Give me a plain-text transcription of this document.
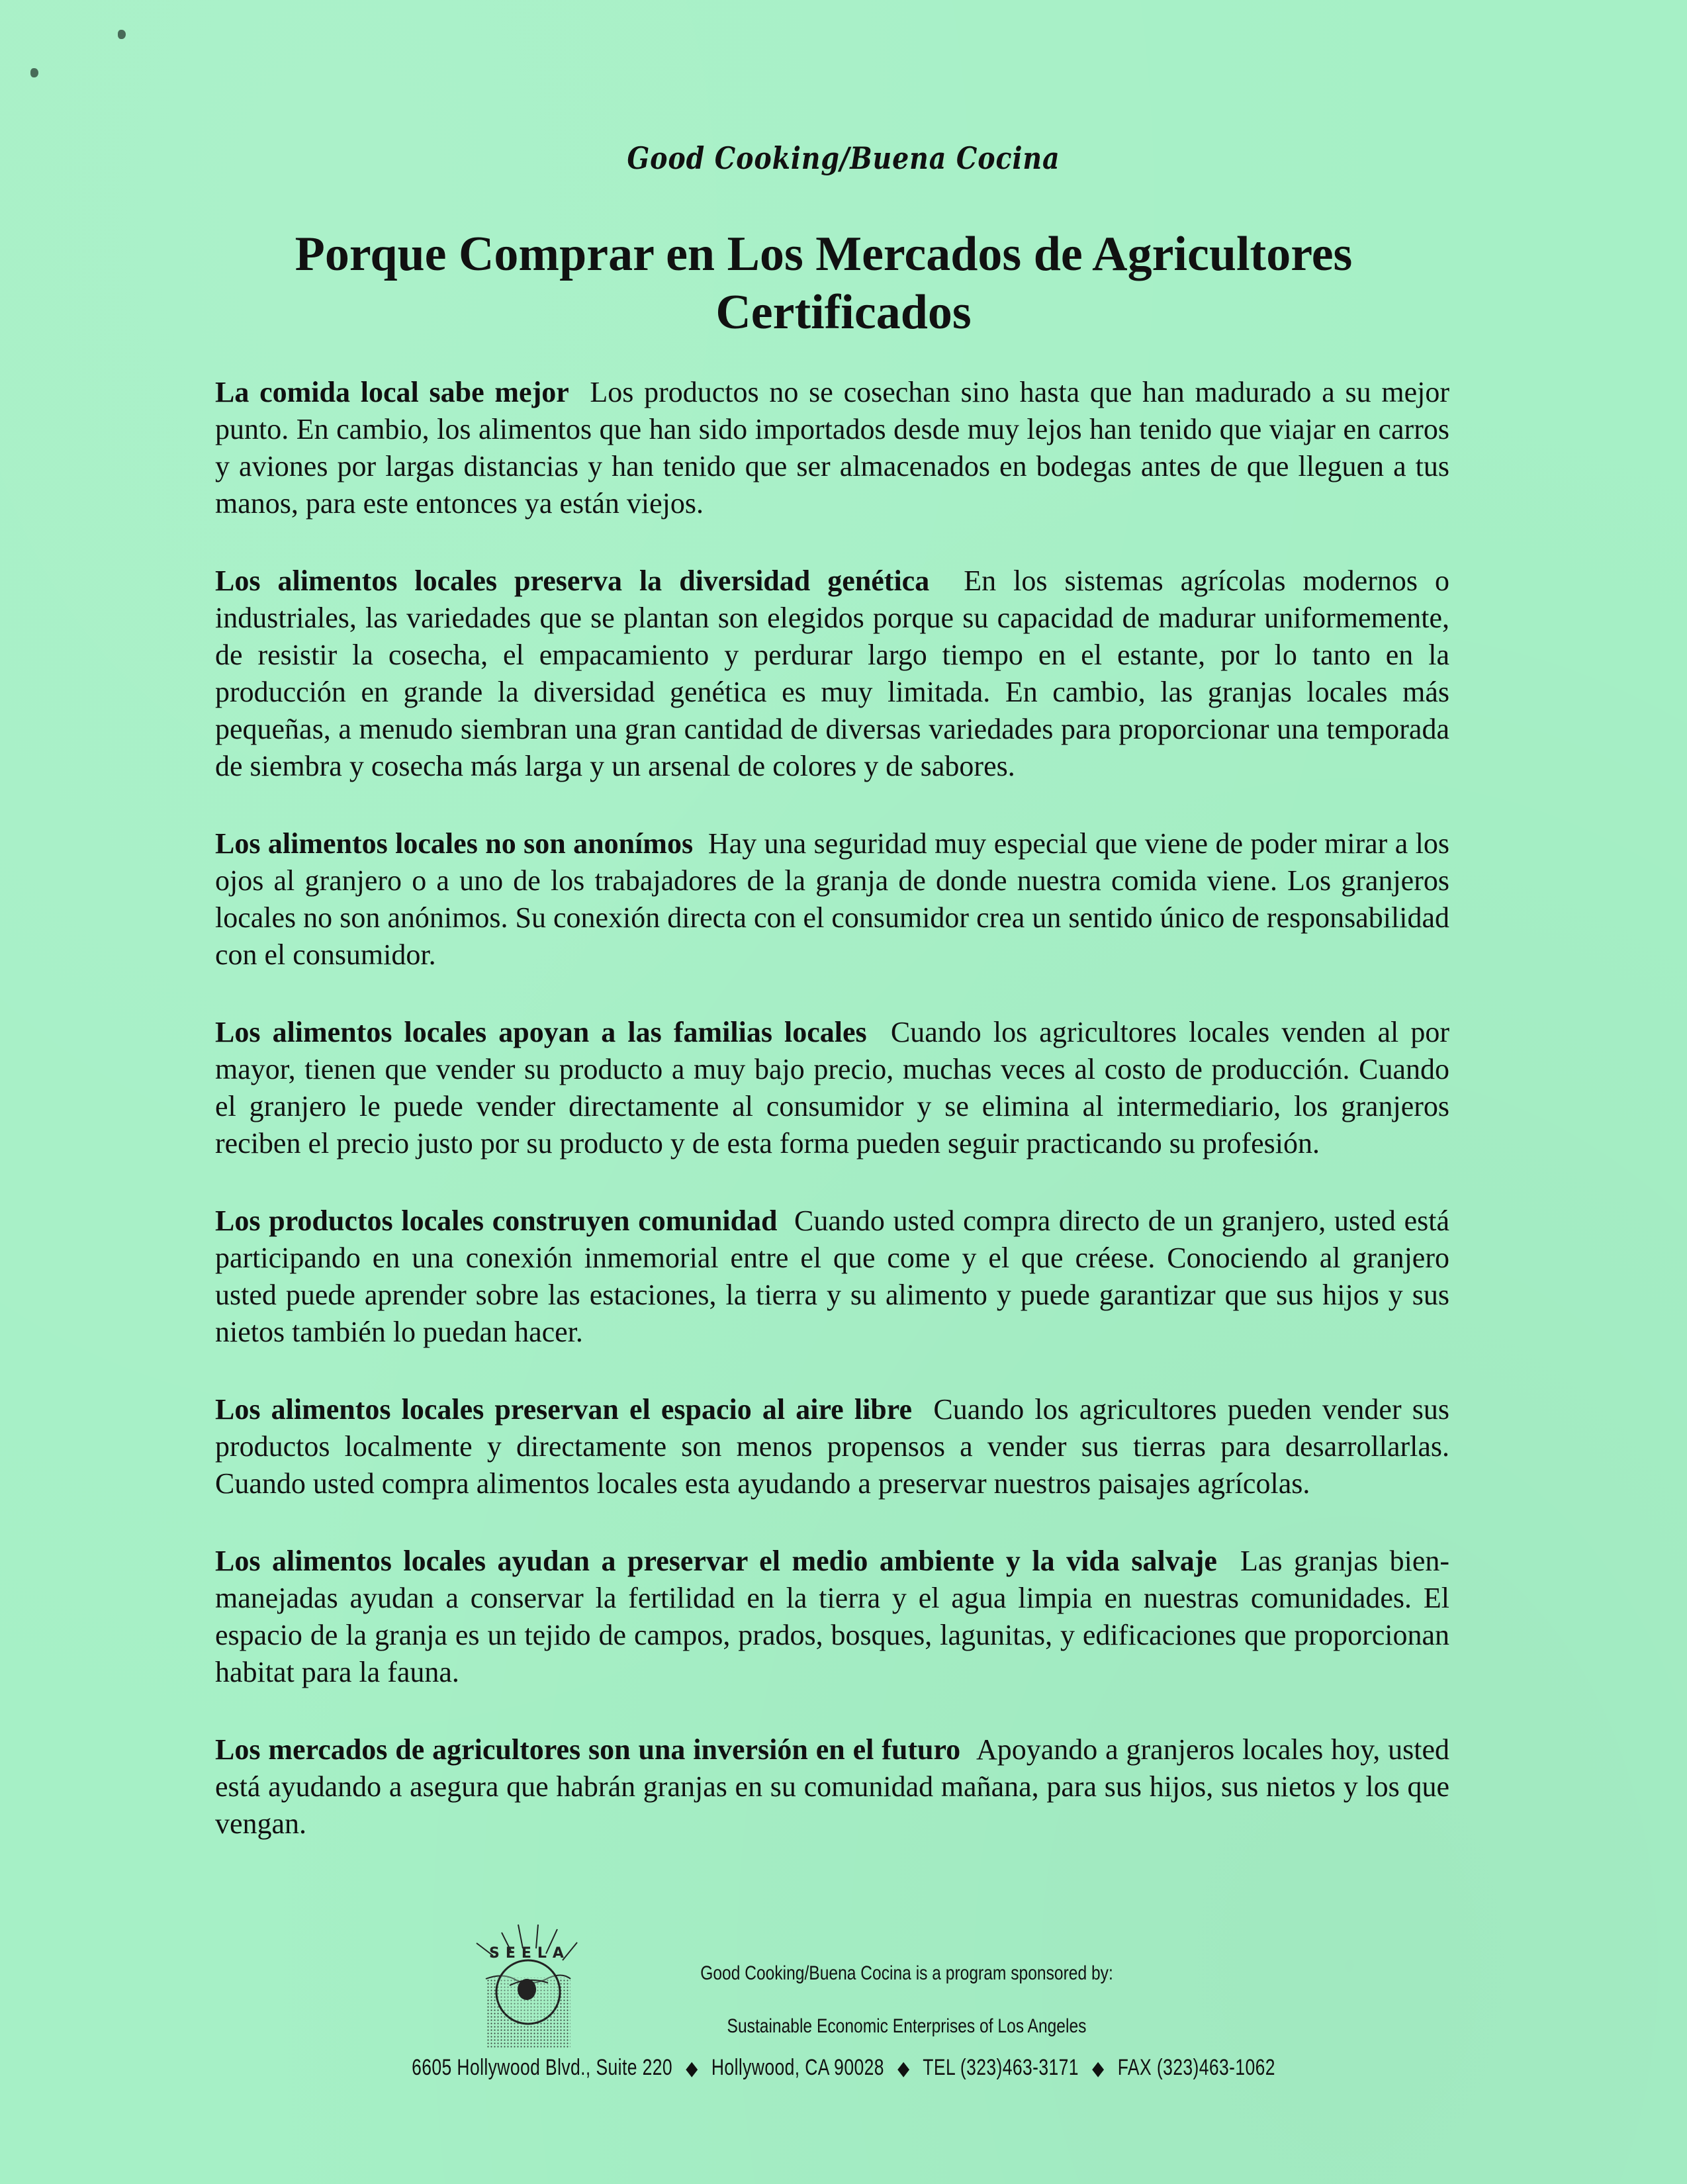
Good Cooking/Buena Cocina
Porque Comprar en Los Mercados de Agricultores
Certificados

La comida local sabe mejor Los productos no se cosechan sino hasta que han madurado a su mejor punto. En cambio, los alimentos que han sido importados desde muy lejos han tenido que viajar en carros y aviones por largas distancias y han tenido que ser almacenados en bodegas antes de que lleguen a tus manos, para este entonces ya están viejos.

Los alimentos locales preserva la diversidad genética En los sistemas agrícolas modernos o industriales, las variedades que se plantan son elegidos porque su capacidad de madurar uniformemente, de resistir la cosecha, el empacamiento y perdurar largo tiempo en el estante, por lo tanto en la producción en grande la diversidad genética es muy limitada. En cambio, las granjas locales más pequeñas, a menudo siembran una gran cantidad de diversas variedades para proporcionar una temporada de siembra y cosecha más larga y un arsenal de colores y de sabores.

Los alimentos locales no son anonímos Hay una seguridad muy especial que viene de poder mirar a los ojos al granjero o a uno de los trabajadores de la granja de donde nuestra comida viene. Los granjeros locales no son anónimos. Su conexión directa con el consumidor crea un sentido único de responsabilidad con el consumidor.

Los alimentos locales apoyan a las familias locales Cuando los agricultores locales venden al por mayor, tienen que vender su producto a muy bajo precio, muchas veces al costo de producción. Cuando el granjero le puede vender directamente al consumidor y se elimina al intermediario, los granjeros reciben el precio justo por su producto y de esta forma pueden seguir practicando su profesión.

Los productos locales construyen comunidad Cuando usted compra directo de un granjero, usted está participando en una conexión inmemorial entre el que come y el que créese. Conociendo al granjero usted puede aprender sobre las estaciones, la tierra y su alimento y puede garantizar que sus hijos y sus nietos también lo puedan hacer.

Los alimentos locales preservan el espacio al aire libre Cuando los agricultores pueden vender sus productos localmente y directamente son menos propensos a vender sus tierras para desarrollarlas. Cuando usted compra alimentos locales esta ayudando a preservar nuestros paisajes agrícolas.

Los alimentos locales ayudan a preservar el medio ambiente y la vida salvaje Las granjas bien-manejadas ayudan a conservar la fertilidad en la tierra y el agua limpia en nuestras comunidades. El espacio de la granja es un tejido de campos, prados, bosques, lagunitas, y edificaciones que proporcionan habitat para la fauna.

Los mercados de agricultores son una inversión en el futuro Apoyando a granjeros locales hoy, usted está ayudando a asegura que habrán granjas en su comunidad mañana, para sus hijos, sus nietos y los que vengan.

SEELA
Good Cooking/Buena Cocina is a program sponsored by:
Sustainable Economic Enterprises of Los Angeles
6605 Hollywood Blvd., Suite 220 ◆ Hollywood, CA 90028 ◆ TEL (323)463-3171 ◆ FAX (323)463-1062
